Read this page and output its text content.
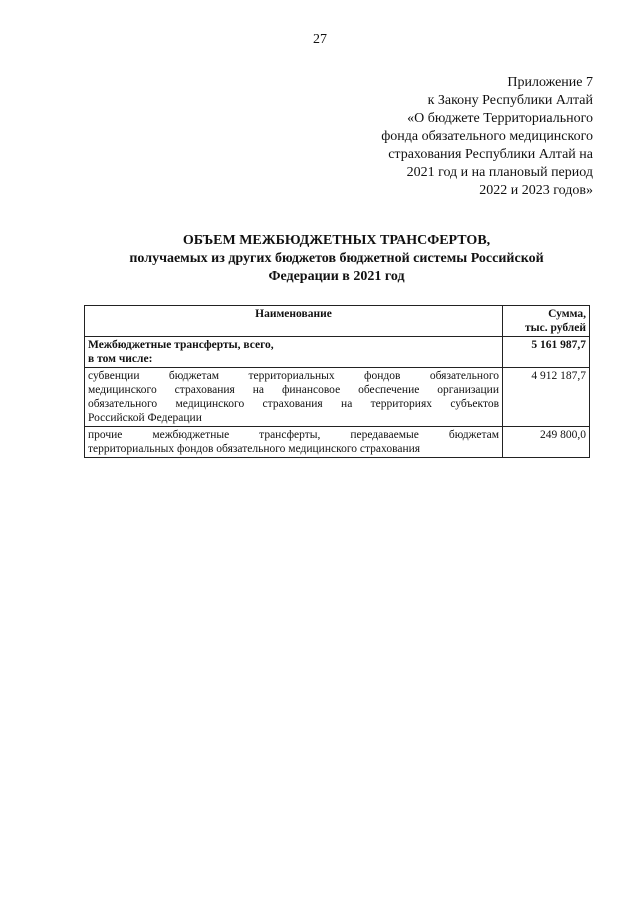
27
Приложение 7
к Закону Республики Алтай
«О бюджете Территориального
фонда обязательного медицинского
страхования Республики Алтай на
2021 год и на плановый период
2022 и 2023 годов»
ОБЪЕМ МЕЖБЮДЖЕТНЫХ ТРАНСФЕРТОВ,
получаемых из других бюджетов бюджетной системы Российской
Федерации в 2021 год
Наименование	Сумма,
тыс. рублей

Межбюджетные трансферты, всего,
в том числе:	5 161 987,7

субвенции бюджетам территориальных фондов обязательного
медицинского страхования на финансовое обеспечение организации
обязательного медицинского страхования на территориях субъектов
Российской Федерации	4 912 187,7

прочие межбюджетные трансферты, передаваемые бюджетам
территориальных фондов обязательного медицинского страхования	249 800,0
